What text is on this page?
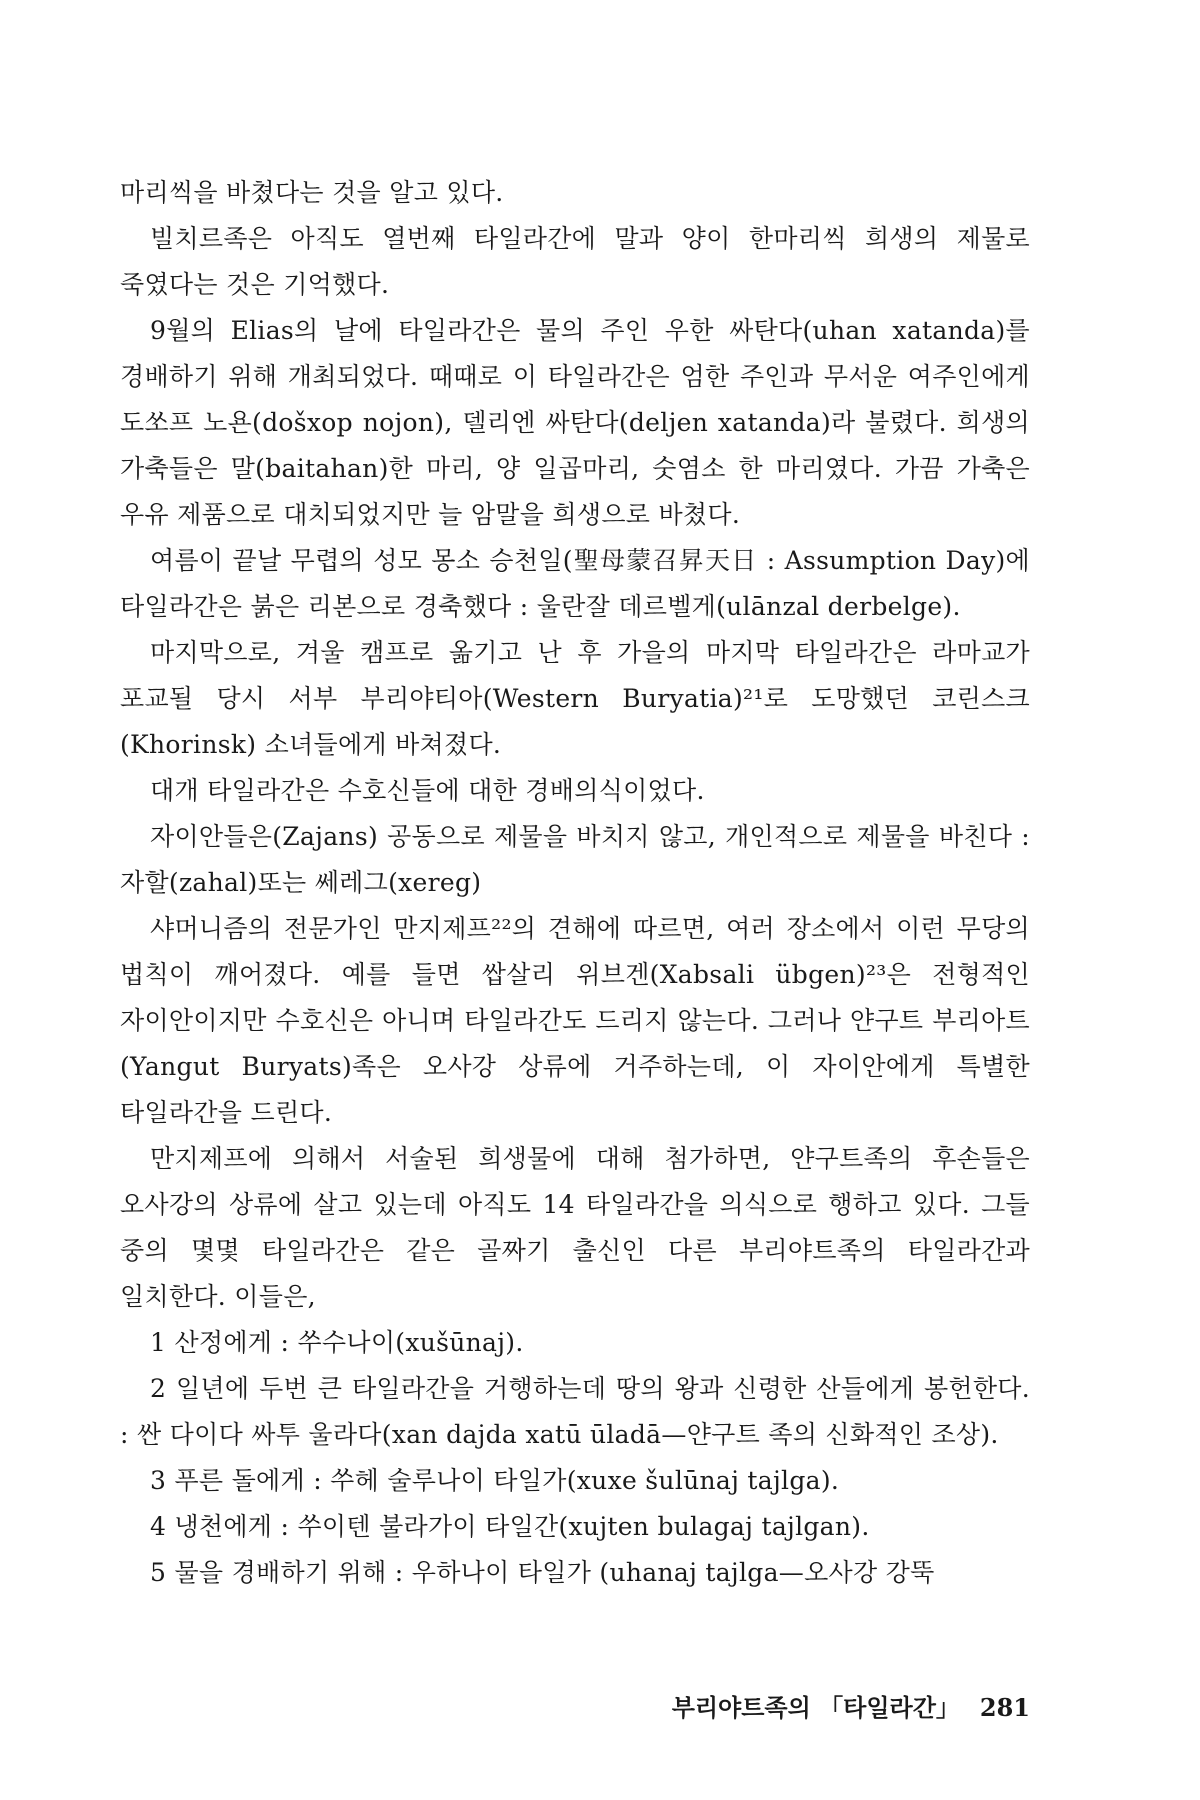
마리씩을 바쳤다는 것을 알고 있다.

빌치르족은 아직도 열번째 타일라간에 말과 양이 한마리씩 희생의 제물로 죽였다는 것은 기억했다.

9월의 Elias의 날에 타일라간은 물의 주인 우한 싸탄다(uhan xatanda)를 경배하기 위해 개최되었다. 때때로 이 타일라간은 엄한 주인과 무서운 여주인에게 도쏘프 노욘(došxop nojon), 델리엔 싸탄다(deljen xatanda)라 불렸다. 희생의 가축들은 말(baitahan)한 마리, 양 일곱마리, 숫염소 한 마리였다. 가끔 가축은 우유 제품으로 대치되었지만 늘 암말을 희생으로 바쳤다.

여름이 끝날 무렵의 성모 몽소 승천일(聖母蒙召昇天日 : Assumption Day)에 타일라간은 붉은 리본으로 경축했다 : 울란잘 데르벨게(ulānzal derbelge).

마지막으로, 겨울 캠프로 옮기고 난 후 가을의 마지막 타일라간은 라마교가 포교될 당시 서부 부리야티아(Western Buryatia)²¹로 도망했던 코린스크(Khorinsk) 소녀들에게 바쳐졌다.

대개 타일라간은 수호신들에 대한 경배의식이었다.

자이안들은(Zajans) 공동으로 제물을 바치지 않고, 개인적으로 제물을 바친다 : 자할(zahal)또는 쎄레그(xereg)

샤머니즘의 전문가인 만지제프²²의 견해에 따르면, 여러 장소에서 이런 무당의 법칙이 깨어졌다. 예를 들면 쌉살리 위브겐(Xabsali übgen)²³은 전형적인 자이안이지만 수호신은 아니며 타일라간도 드리지 않는다. 그러나 얀구트 부리아트(Yangut Buryats)족은 오사강 상류에 거주하는데, 이 자이안에게 특별한 타일라간을 드린다.

만지제프에 의해서 서술된 희생물에 대해 첨가하면, 얀구트족의 후손들은 오사강의 상류에 살고 있는데 아직도 14 타일라간을 의식으로 행하고 있다. 그들 중의 몇몇 타일라간은 같은 골짜기 출신인 다른 부리야트족의 타일라간과 일치한다. 이들은,

1 산정에게 : 쑤수나이(xušūnaj).

2 일년에 두번 큰 타일라간을 거행하는데 땅의 왕과 신령한 산들에게 봉헌한다. : 싼 다이다 싸투 울라다(xan dajda xatū ūladā—얀구트 족의 신화적인 조상).

3 푸른 돌에게 : 쑤헤 술루나이 타일가(xuxe šulūnaj tajlga).

4 냉천에게 : 쑤이텐 불라가이 타일간(xujten bulagaj tajlgan).

5 물을 경배하기 위해 : 우하나이 타일가 (uhanaj tajlga—오사강 강뚝

부리야트족의 「타일라간」 281
